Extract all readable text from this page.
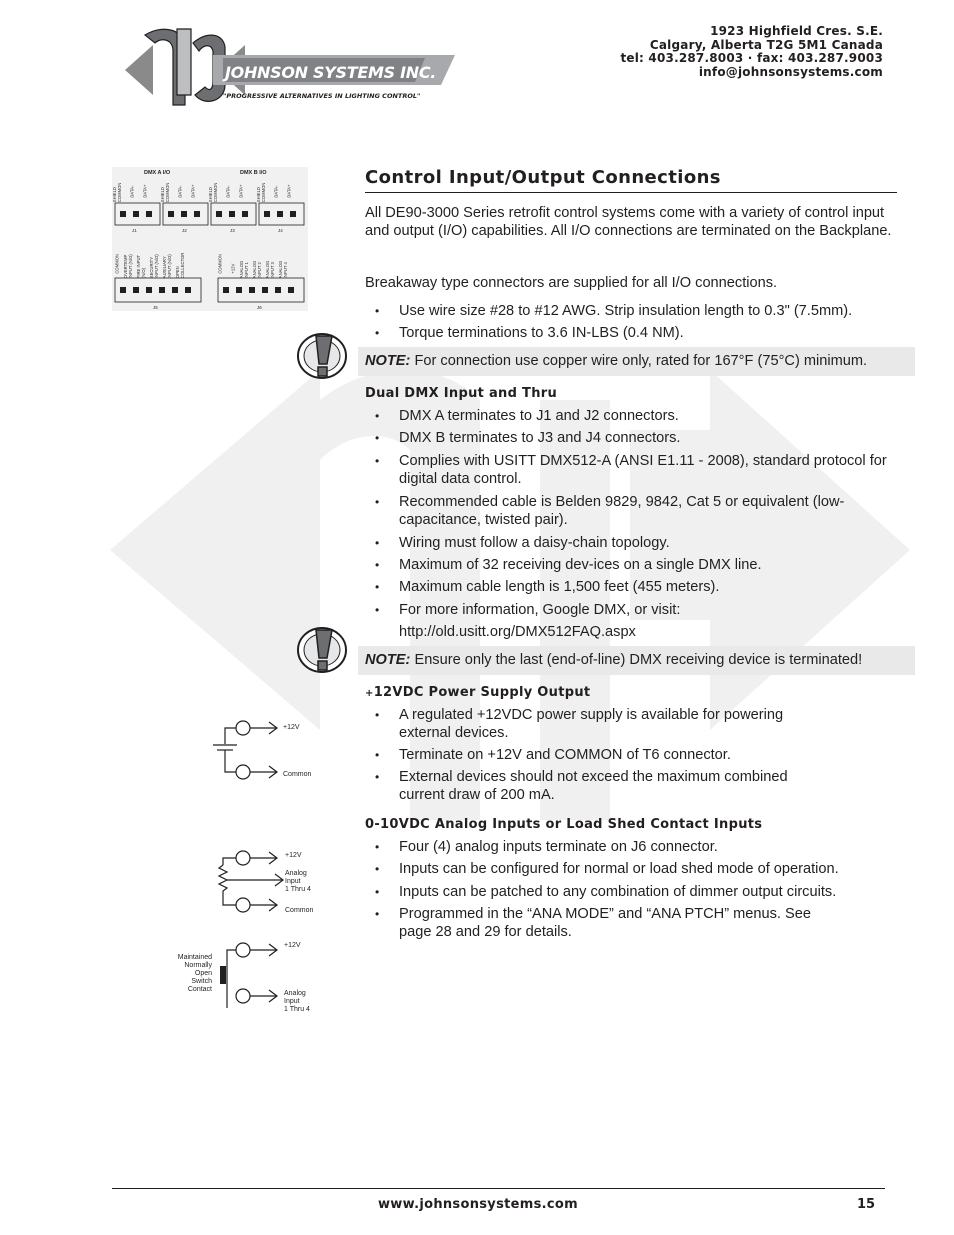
JOHNSON SYSTEMS INC.
"PROGRESSIVE ALTERNATIVES IN LIGHTING CONTROL"
1923 Highfield Cres. S.E.
Calgary, Alberta T2G 5M1 Canada
tel: 403.287.8003 · fax: 403.287.9003
info@johnsonsystems.com
DMX A I/O	DMX B I/O
J1	J2	J3	J4
J5	J6
SHIELD COMMON DATA- DATA+	SHIELD COMMON DATA- DATA+	SHIELD COMMON DATA- DATA+	SHIELD COMMON DATA- DATA+
COMMON OVERTEMP INPUT (N/O) FIRE INPUT (N/O) SECURITY INPUT (N/O) AUXILIARY INPUT (N/O) OPEN COLLECTOR	COMMON +12V ANALOG INPUT 1 ANALOG INPUT 2 ANALOG INPUT 3 ANALOG INPUT 4
Control Input/Output Connections
All DE90-3000 Series retrofit control systems come with a variety of control input and output (I/O) capabilities. All I/O connections are terminated on the Backplane.
Breakaway type connectors are supplied for all I/O connections.
• Use wire size #28 to #12 AWG. Strip insulation length to 0.3" (7.5mm).
• Torque terminations to 3.6 IN-LBS (0.4 NM).
NOTE: For connection use copper wire only, rated for 167°F (75°C) minimum.
Dual DMX Input and Thru
• DMX A terminates to J1 and J2 connectors.
• DMX B terminates to J3 and J4 connectors.
• Complies with USITT DMX512-A (ANSI E1.11 - 2008), standard protocol for digital data control.
• Recommended cable is Belden 9829, 9842, Cat 5 or equivalent (low-capacitance, twisted pair).
• Wiring must follow a daisy-chain topology.
• Maximum of 32 receiving dev-ices on a single DMX line.
• Maximum cable length is 1,500 feet (455 meters).
• For more information, Google DMX, or visit:
http://old.usitt.org/DMX512FAQ.aspx
NOTE: Ensure only the last (end-of-line) DMX receiving device is terminated!
+12VDC Power Supply Output
• A regulated +12VDC power supply is available for powering external devices.
• Terminate on +12V and COMMON of T6 connector.
• External devices should not exceed the maximum combined current draw of 200 mA.
0-10VDC Analog Inputs or Load Shed Contact Inputs
• Four (4) analog inputs terminate on J6 connector.
• Inputs can be configured for normal or load shed mode of operation.
• Inputs can be patched to any combination of dimmer output circuits.
• Programmed in the “ANA MODE” and “ANA PTCH” menus. See page 28 and 29 for details.
+12V
Common
+12V
Analog
Input
1 Thru 4
Common
Maintained
Normally
Open
Switch
Contact
+12V
Analog
Input
1 Thru 4
www.johnsonsystems.com	15
